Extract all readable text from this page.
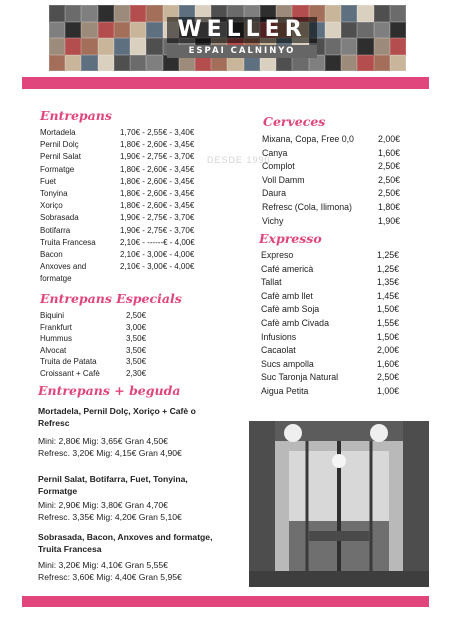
WELLER
ESPAI CALNINYO
DESDE 1990
Entrepans
Mortadela	1,70€ - 2,55€ - 3,40€
Pernil Dolç	1,80€ - 2,60€ - 3,45€
Pernil Salat	1,90€ - 2,75€ - 3,70€
Formatge	1,80€ - 2,60€ - 3,45€
Fuet	1,80€ - 2,60€ - 3,45€
Tonyina	1,80€ - 2,60€ - 3,45€
Xoriço	1,80€ - 2,60€ - 3,45€
Sobrasada	1,90€ - 2,75€ - 3,70€
Botifarra	1,90€ - 2,75€ - 3,70€
Truita Francesa	2,10€ - ------€ - 4,00€
Bacon	2,10€ - 3,00€ - 4,00€
Anxoves and	2,10€ - 3,00€ - 4,00€
formatge
Entrepans Especials
Biquini	2,50€
Frankfurt	3,00€
Hummus	3,50€
Alvocat	3,50€
Truita de Patata	3,50€
Croissant + Cafè	2,30€
Entrepans + beguda
Mortadela, Pernil Dolç, Xoriço + Cafè o Refresc
Mini: 2,80€ Mig: 3,65€ Gran 4,50€
Refresc. 3,20€ Mig: 4,15€ Gran 4,90€
Pernil Salat, Botifarra, Fuet, Tonyina, Formatge
Mini: 2,90€ Mig: 3,80€ Gran 4,70€
Refresc. 3,35€ Mig: 4,20€ Gran 5,10€
Sobrasada, Bacon, Anxoves and formatge, Truita Francesa
Mini: 3,20€ Mig: 4,10€ Gran 5,55€
Refresc: 3,60€ Mig: 4,40€ Gran 5,95€
Cerveces
Mixana, Copa, Free 0,0	2,00€
Canya	1,60€
Complot	2,50€
Voll Damm	2,50€
Daura	2,50€
Refresc (Cola, Ilimona)	1,80€
Vichy	1,90€
Expresso
Expreso	1,25€
Café americà	1,25€
Tallat	1,35€
Cafè amb llet	1,45€
Cafè amb Soja	1,50€
Cafè amb Civada	1,55€
Infusions	1,50€
Cacaolat	2,00€
Sucs ampolla	1,60€
Suc Taronja Natural	2,50€
Aigua Petita	1,00€
